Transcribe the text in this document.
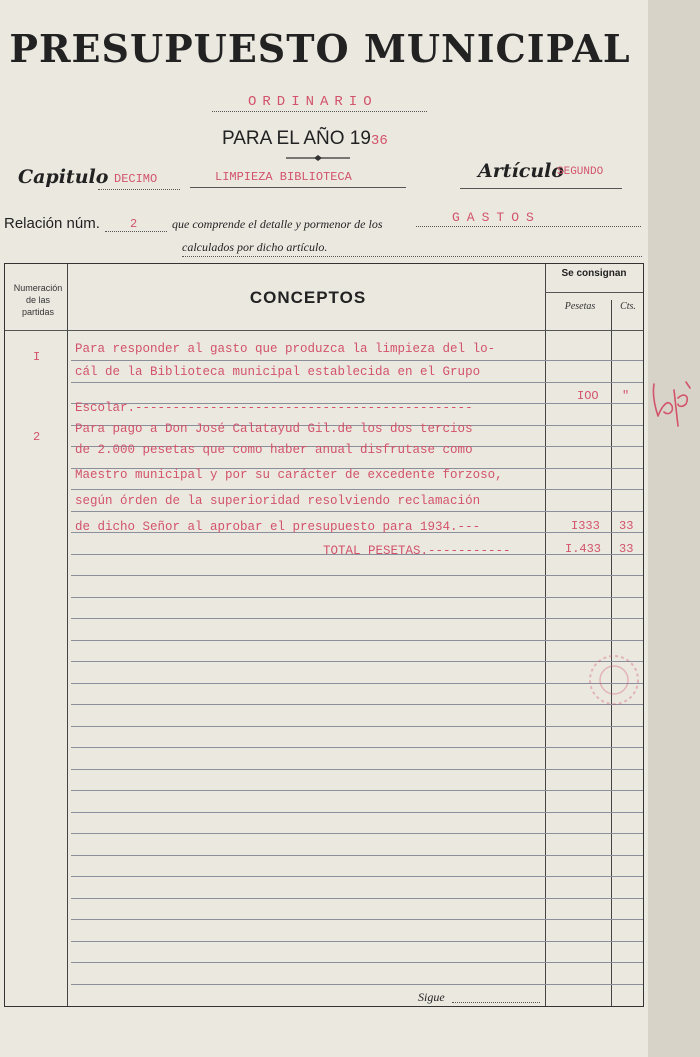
PRESUPUESTO MUNICIPAL
ORDINARIO
PARA EL AÑO 1936
Capitulo DECIMO	LIMPIEZA BIBLIOTECA	Artículo
SEGUNDO
Relación núm.	2	que comprende el detalle y pormenor de los	GASTOS
calculados por dicho artículo.
Numeración
de las
partidas
CONCEPTOS
Se consignan
Pesetas	Cts.
I
Para responder al gasto que produzca la limpieza del lo-
cál de la Biblioteca municipal establecida en el Grupo
Escolar.---------------------------------------------
IOO "
2
Para pago a Don José Calatayud Gil.de los dos tercios
de 2.000 pesetas que como haber anual disfrutase como
Maestro municipal y por su carácter de excedente forzoso,
según órden de la superioridad resolviendo reclamación
de dicho Señor al aprobar el presupuesto para 1934.---	I333 33
TOTAL PESETAS.-----------	I.433 33
Sigue
